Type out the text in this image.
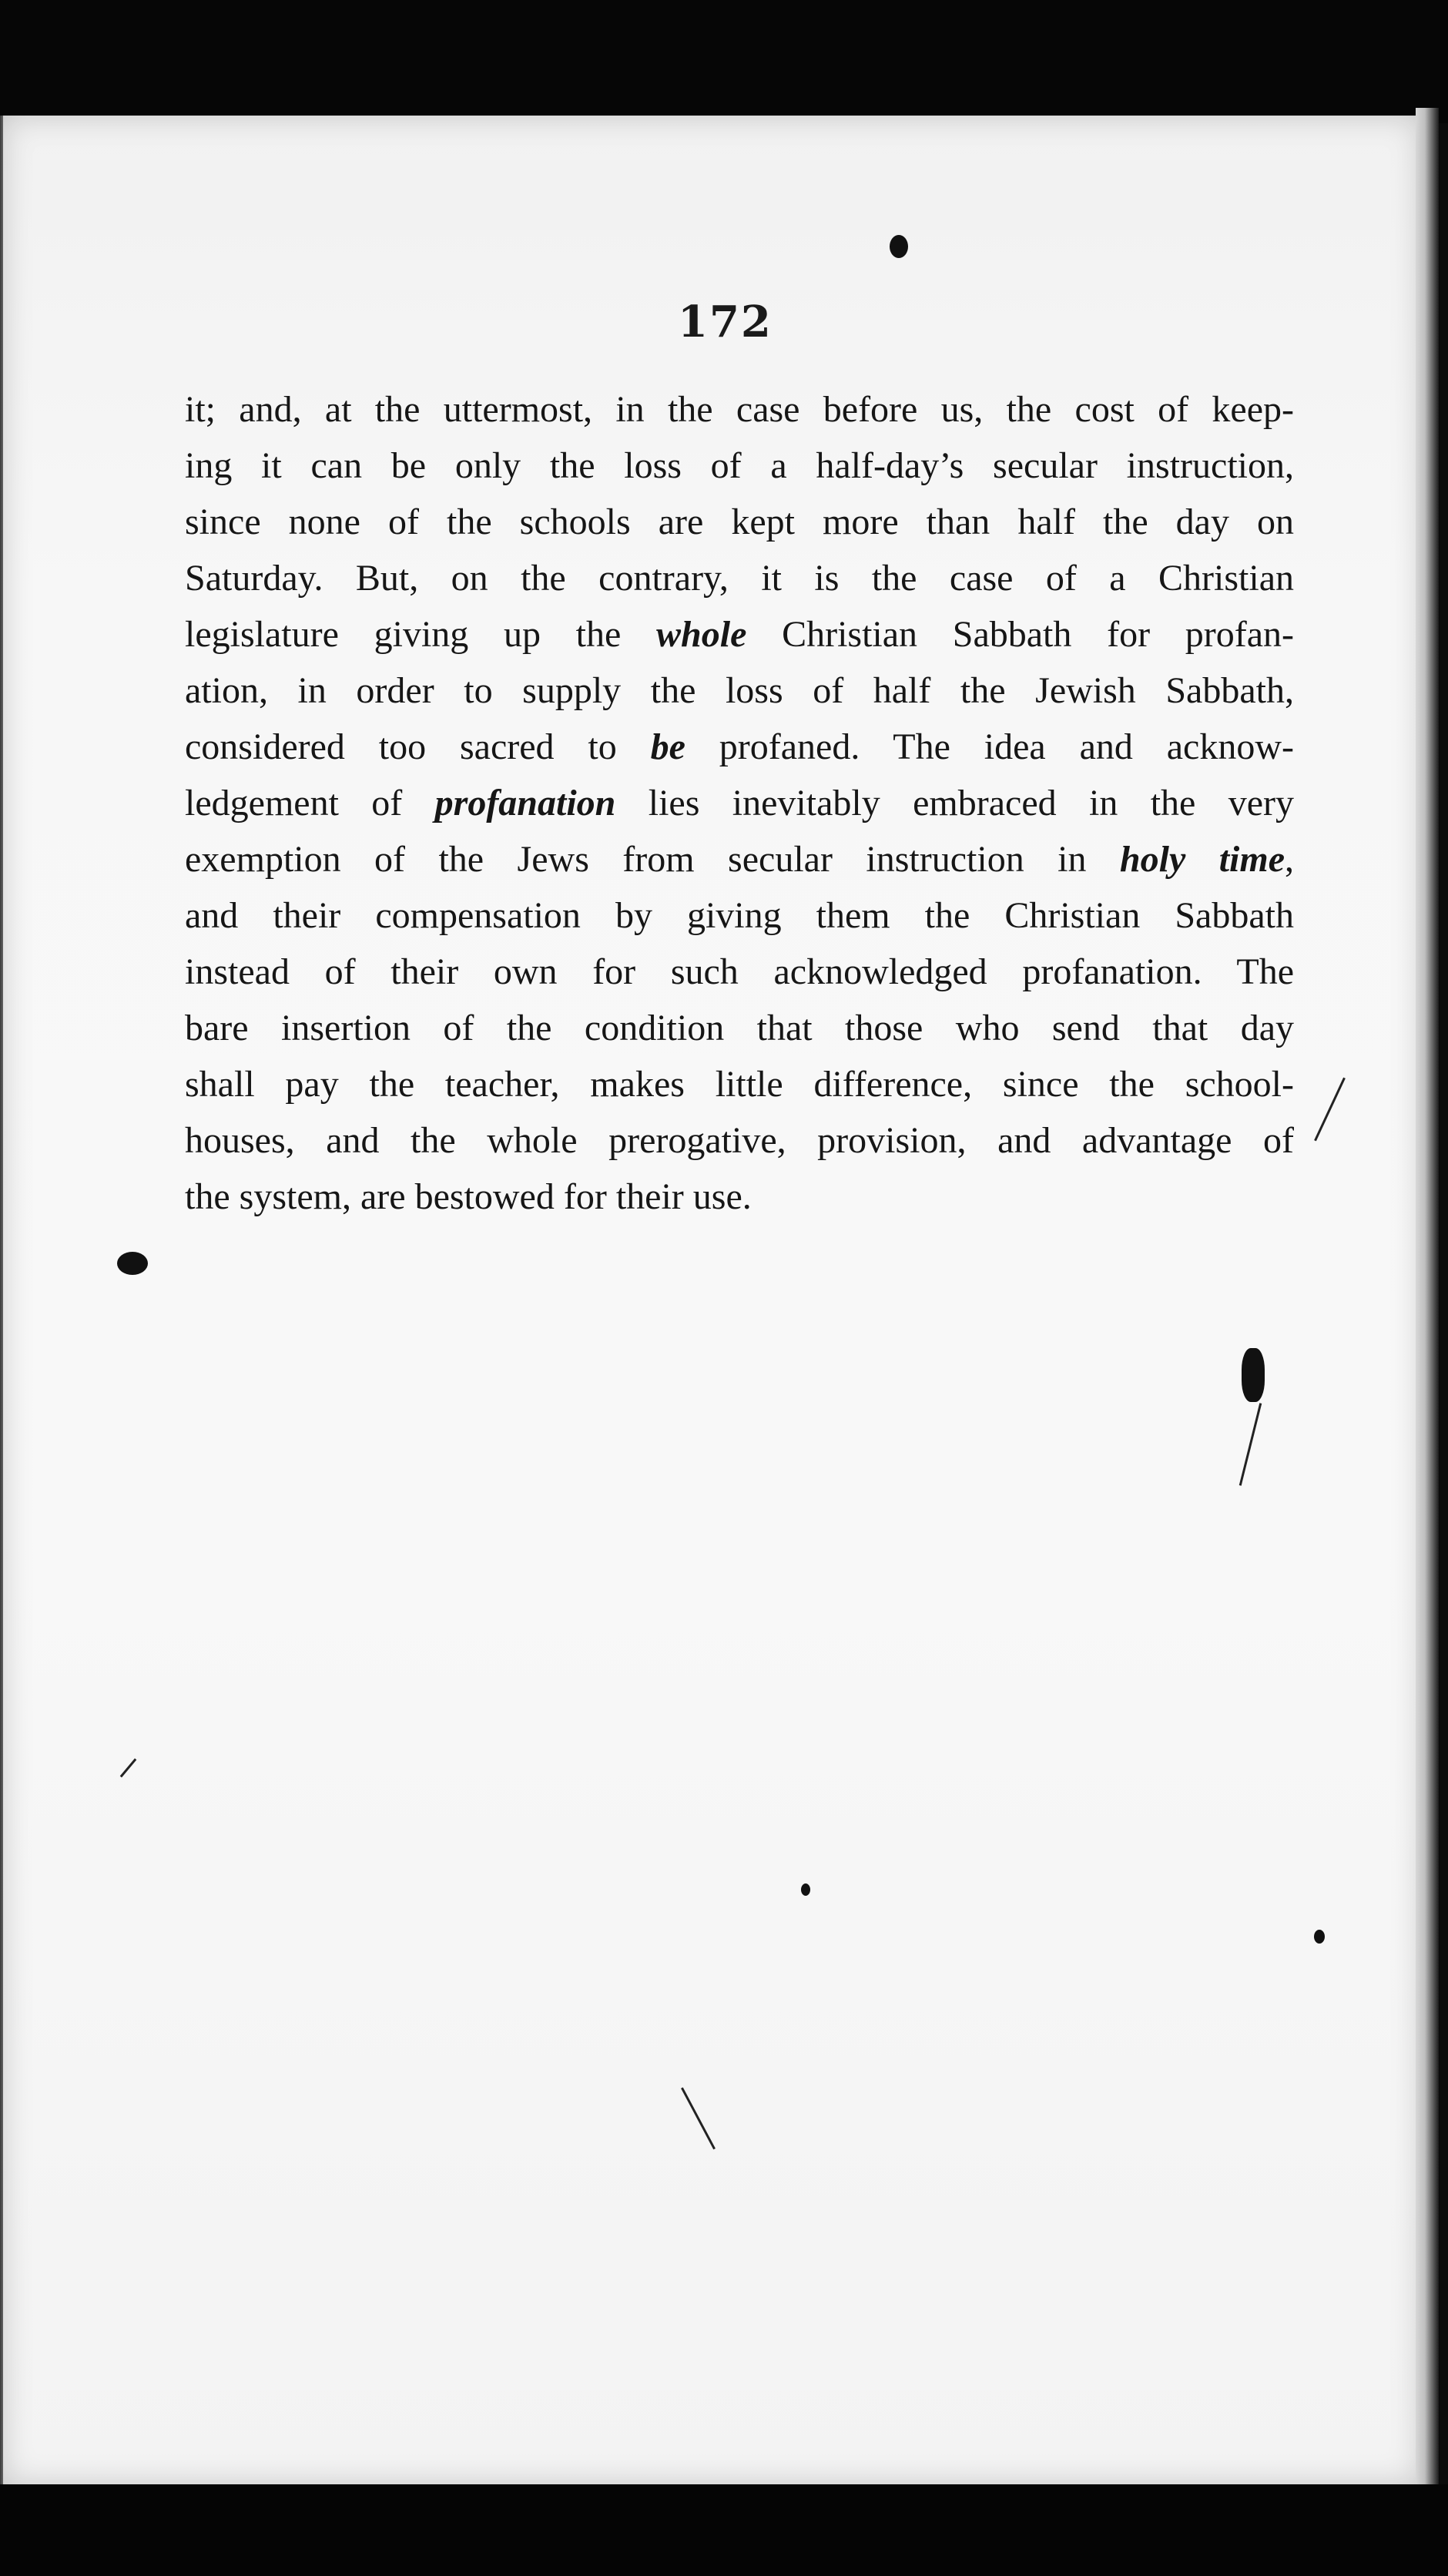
172

it; and, at the uttermost, in the case before us, the cost of keep-
ing it can be only the loss of a half-day’s secular instruction,
since none of the schools are kept more than half the day on
Saturday. But, on the contrary, it is the case of a Christian
legislature giving up the whole Christian Sabbath for profan-
ation, in order to supply the loss of half the Jewish Sabbath,
considered too sacred to be profaned. The idea and acknow-
ledgement of profanation lies inevitably embraced in the very
exemption of the Jews from secular instruction in holy time,
and their compensation by giving them the Christian Sabbath
instead of their own for such acknowledged profanation. The
bare insertion of the condition that those who send that day
shall pay the teacher, makes little difference, since the school-
houses, and the whole prerogative, provision, and advantage of
the system, are bestowed for their use.
